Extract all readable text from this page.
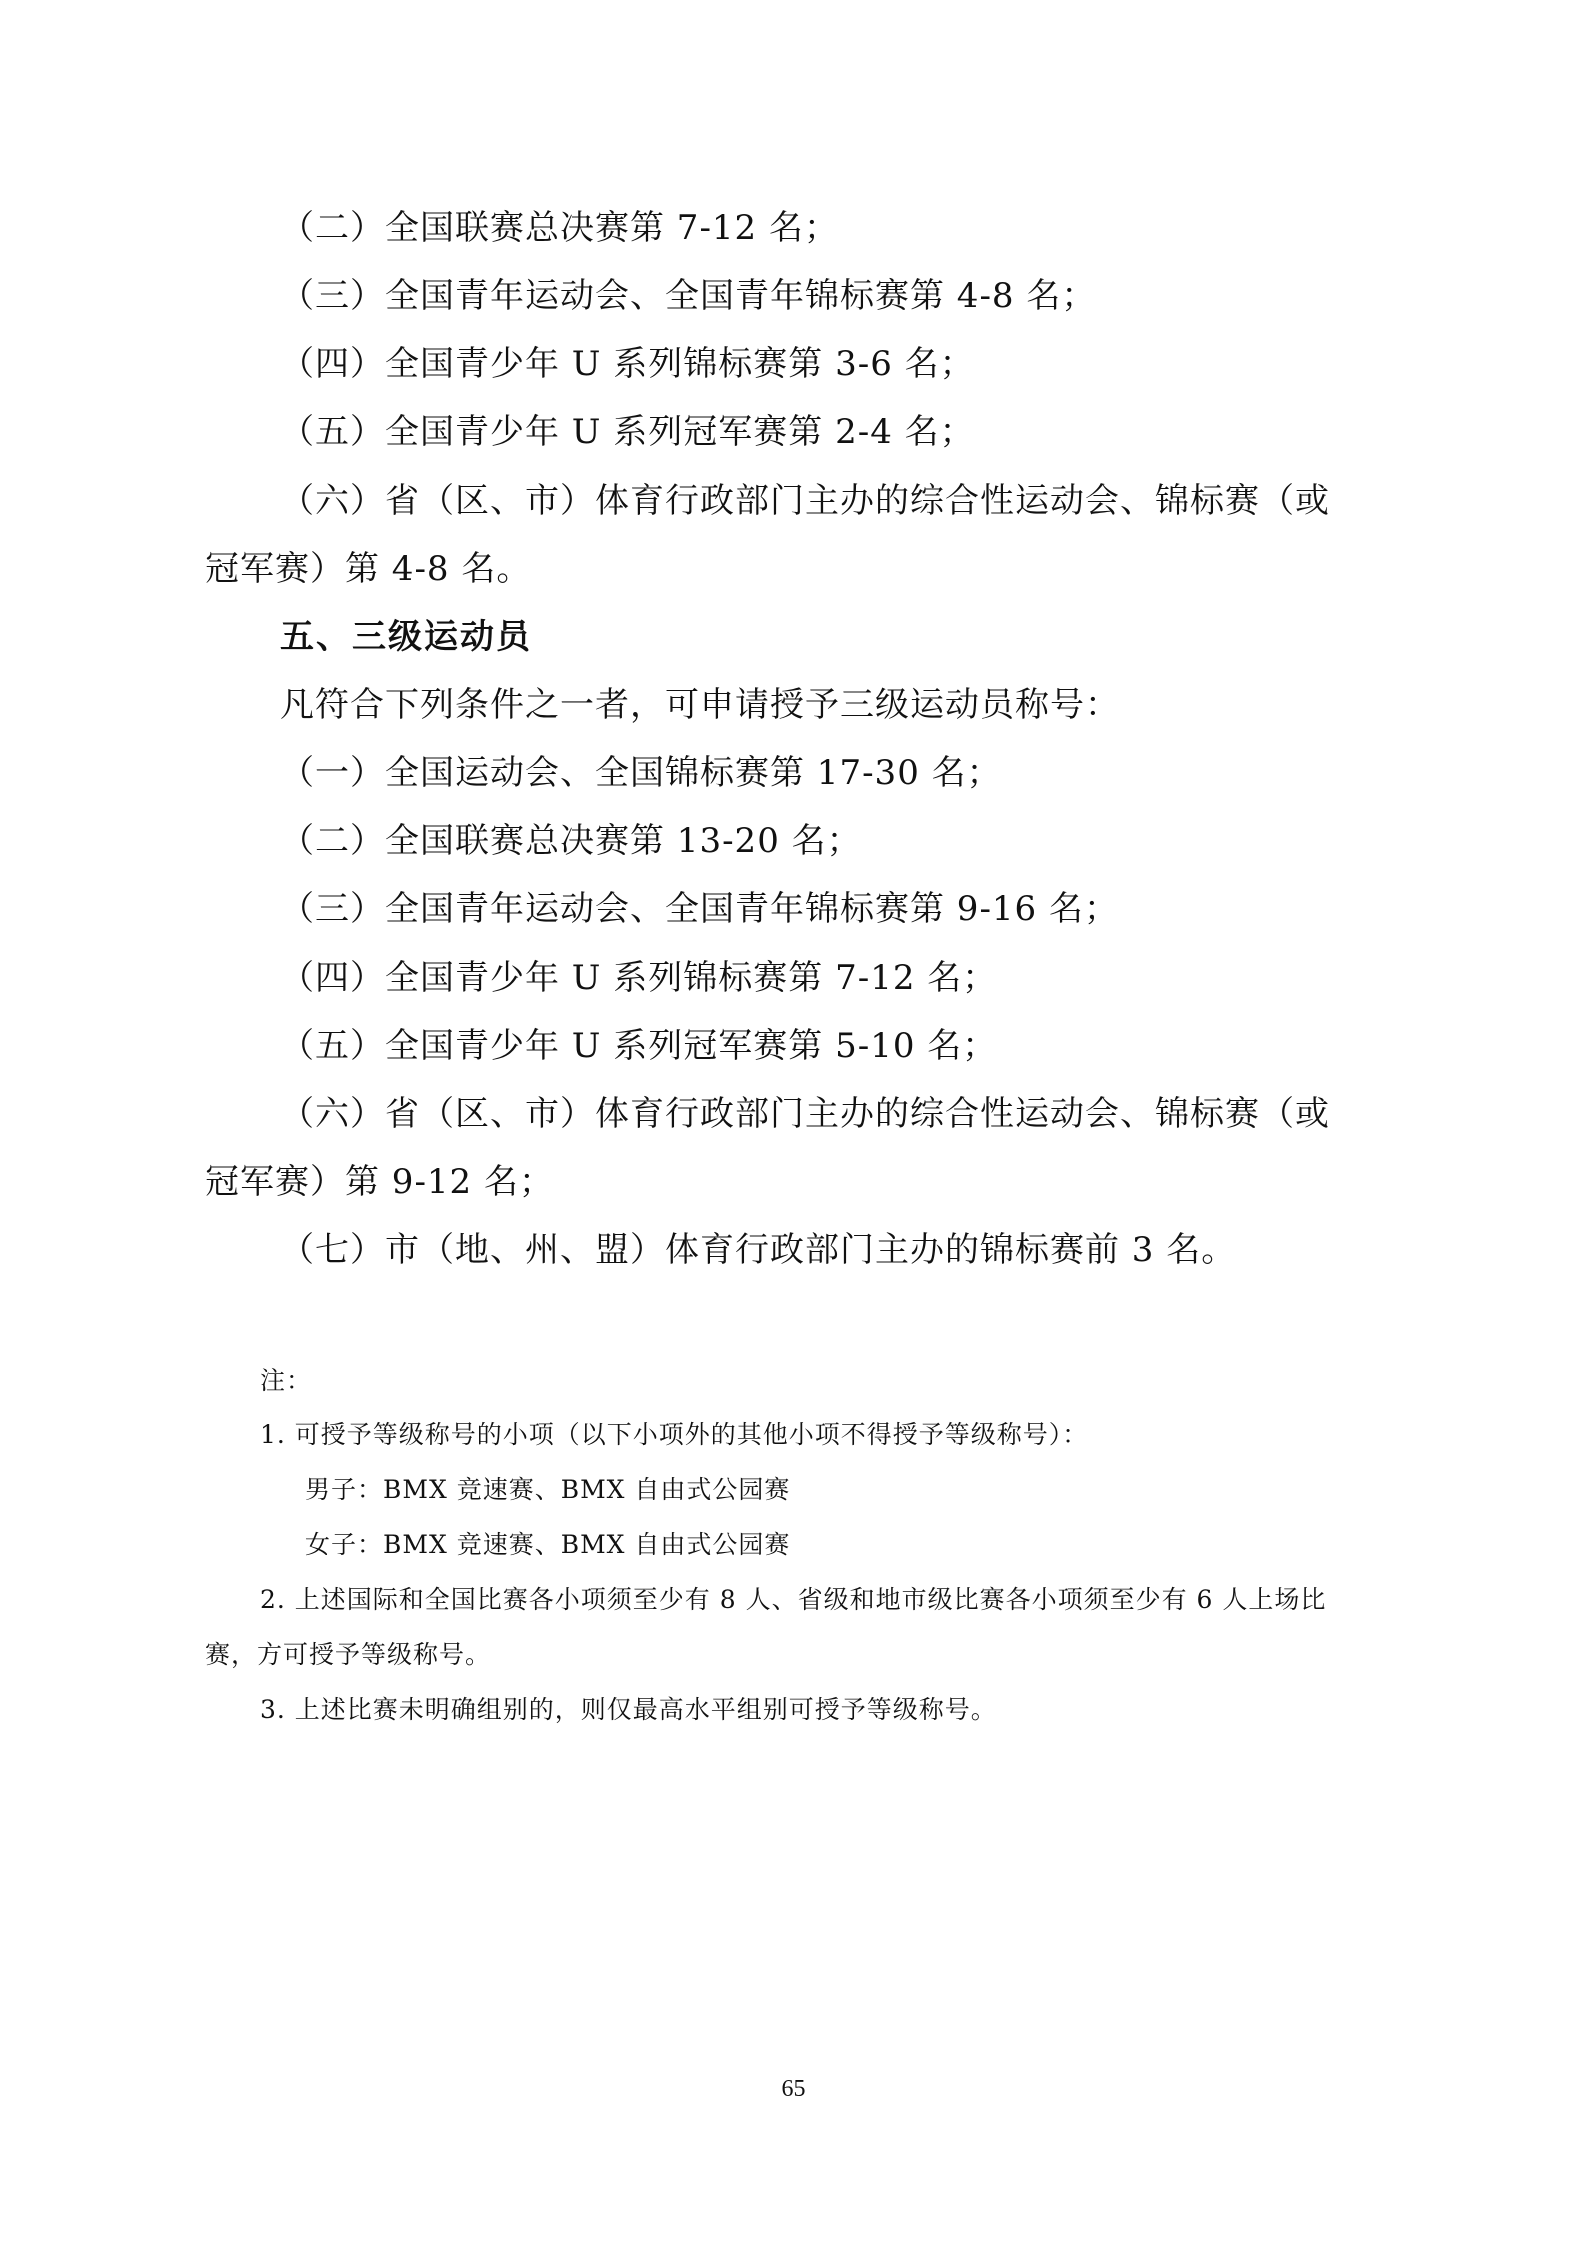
（二）全国联赛总决赛第 7-12 名；
（三）全国青年运动会、全国青年锦标赛第 4-8 名；
（四）全国青少年 U 系列锦标赛第 3-6 名；
（五）全国青少年 U 系列冠军赛第 2-4 名；
（六）省（区、市）体育行政部门主办的综合性运动会、锦标赛（或
冠军赛）第 4-8 名。
五、三级运动员
凡符合下列条件之一者，可申请授予三级运动员称号：
（一）全国运动会、全国锦标赛第 17-30 名；
（二）全国联赛总决赛第 13-20 名；
（三）全国青年运动会、全国青年锦标赛第 9-16 名；
（四）全国青少年 U 系列锦标赛第 7-12 名；
（五）全国青少年 U 系列冠军赛第 5-10 名；
（六）省（区、市）体育行政部门主办的综合性运动会、锦标赛（或
冠军赛）第 9-12 名；
（七）市（地、州、盟）体育行政部门主办的锦标赛前 3 名。
注：
1. 可授予等级称号的小项（以下小项外的其他小项不得授予等级称号）：
男子：BMX 竞速赛、BMX 自由式公园赛
女子：BMX 竞速赛、BMX 自由式公园赛
2. 上述国际和全国比赛各小项须至少有 8 人、省级和地市级比赛各小项须至少有 6 人上场比
赛，方可授予等级称号。
3. 上述比赛未明确组别的，则仅最高水平组别可授予等级称号。
65
